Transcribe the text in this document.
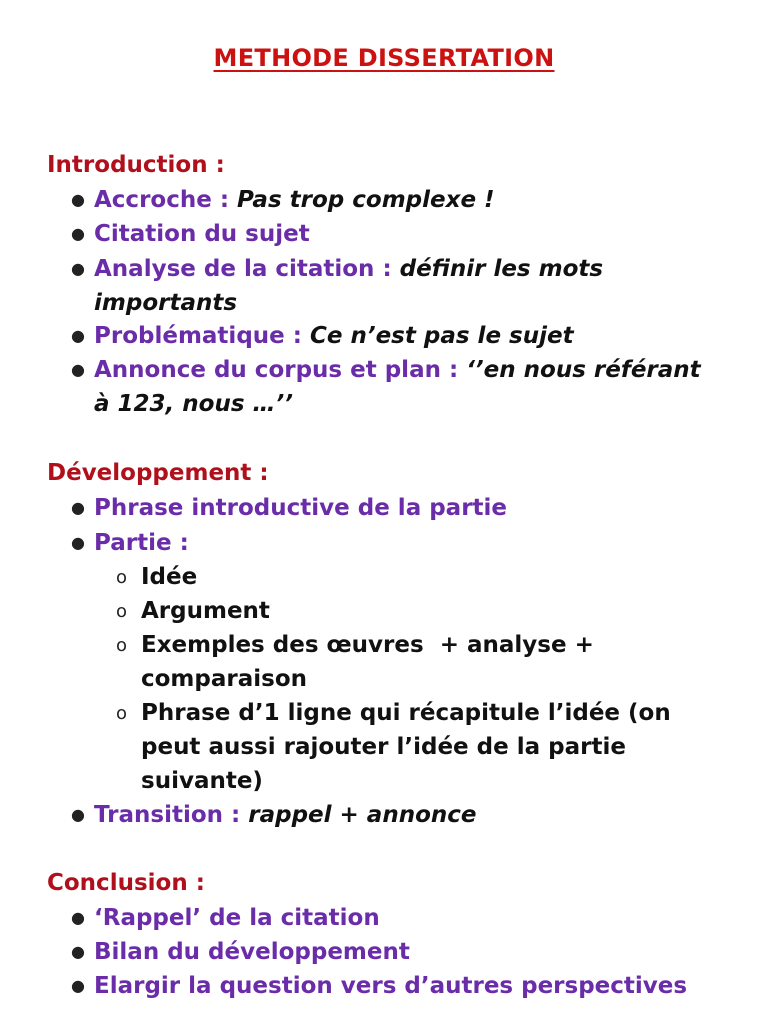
METHODE DISSERTATION
Introduction :
● Accroche : Pas trop complexe !
● Citation du sujet
● Analyse de la citation : définir les mots
importants
● Problématique : Ce n’est pas le sujet
● Annonce du corpus et plan : ‘’en nous référant
à 123, nous …’’
Développement :
● Phrase introductive de la partie
● Partie :
o Idée
o Argument
o Exemples des œuvres  + analyse +
comparaison
o Phrase d’1 ligne qui récapitule l’idée (on
peut aussi rajouter l’idée de la partie
suivante)
● Transition : rappel + annonce
Conclusion :
● ‘Rappel’ de la citation
● Bilan du développement
● Elargir la question vers d’autres perspectives
